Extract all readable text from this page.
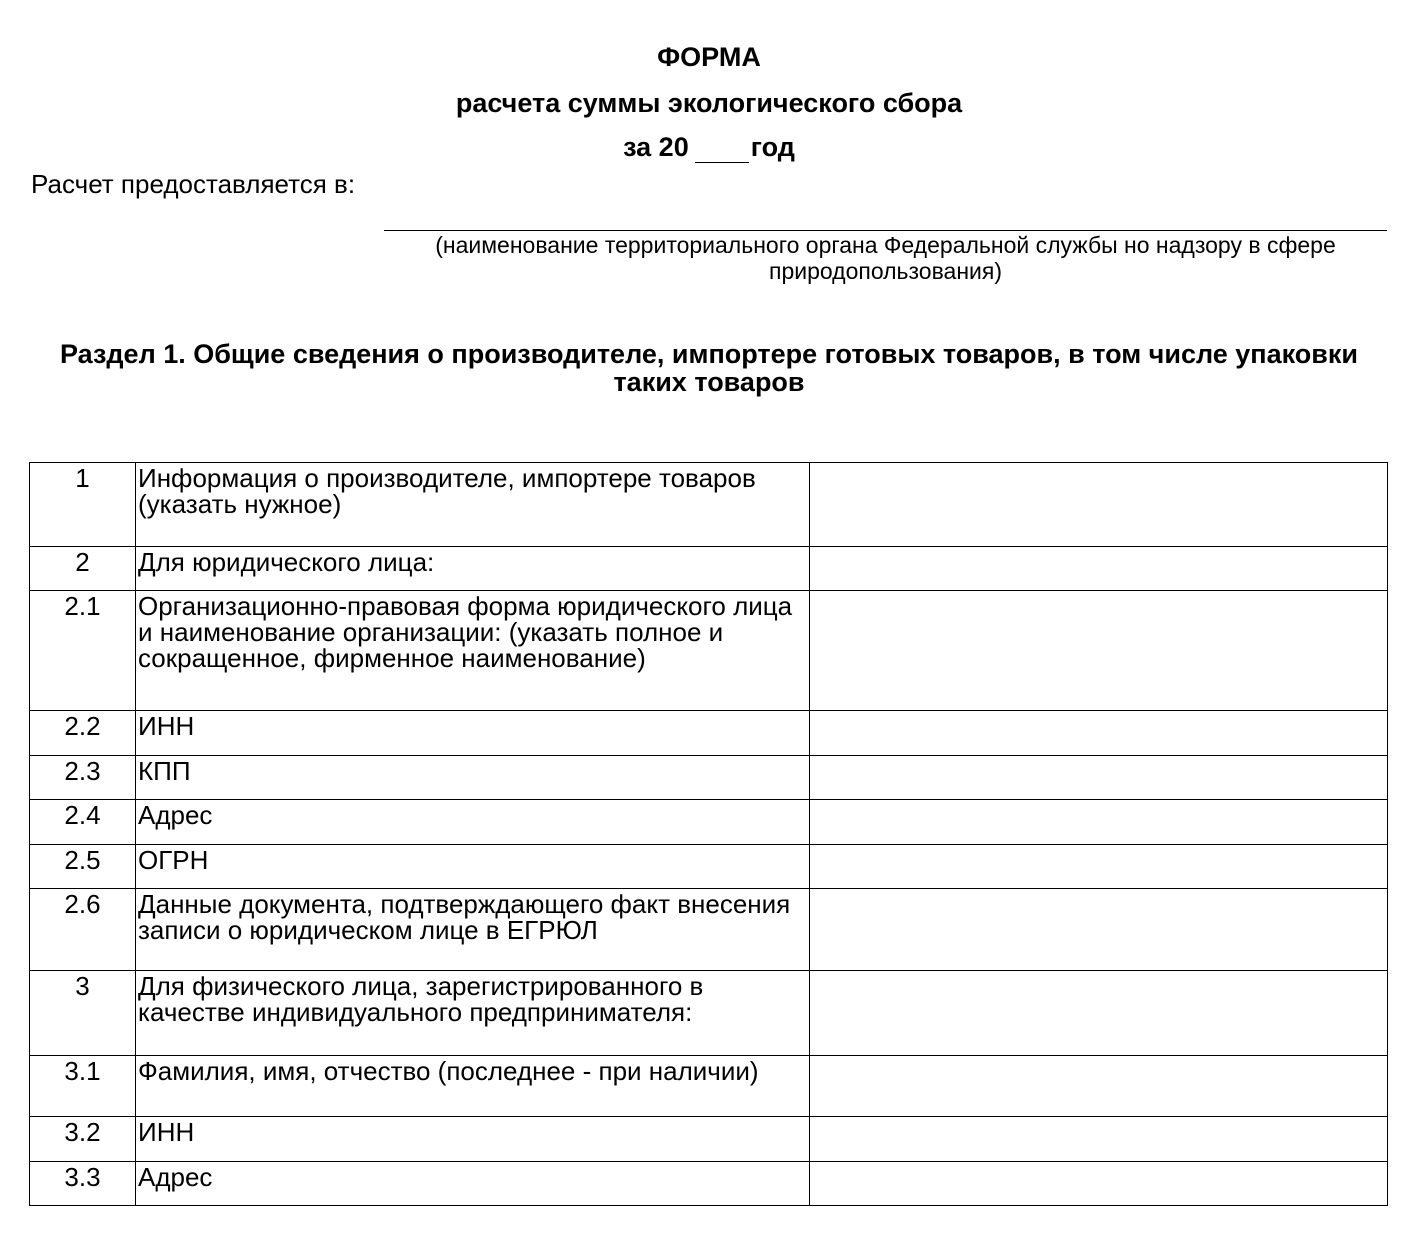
ФОРМА

расчета суммы экологического сбора

за 20 год

Расчет предоставляется в:

(наименование территориального органа Федеральной службы но надзору в сфере природопользования)

Раздел 1. Общие сведения о производителе, импортере готовых товаров, в том числе упаковки таких товаров
1	Информация о производителе, импортере товаров (указать нужное)	
2	Для юридического лица:	
2.1	Организационно-правовая форма юридического лица и наименование организации: (указать полное и сокращенное, фирменное наименование)	
2.2	ИНН	
2.3	КПП	
2.4	Адрес	
2.5	ОГРН	
2.6	Данные документа, подтверждающего факт внесения записи о юридическом лице в ЕГРЮЛ	
3	Для физического лица, зарегистрированного в качестве индивидуального предпринимателя:	
3.1	Фамилия, имя, отчество (последнее - при наличии)	
3.2	ИНН	
3.3	Адрес	
